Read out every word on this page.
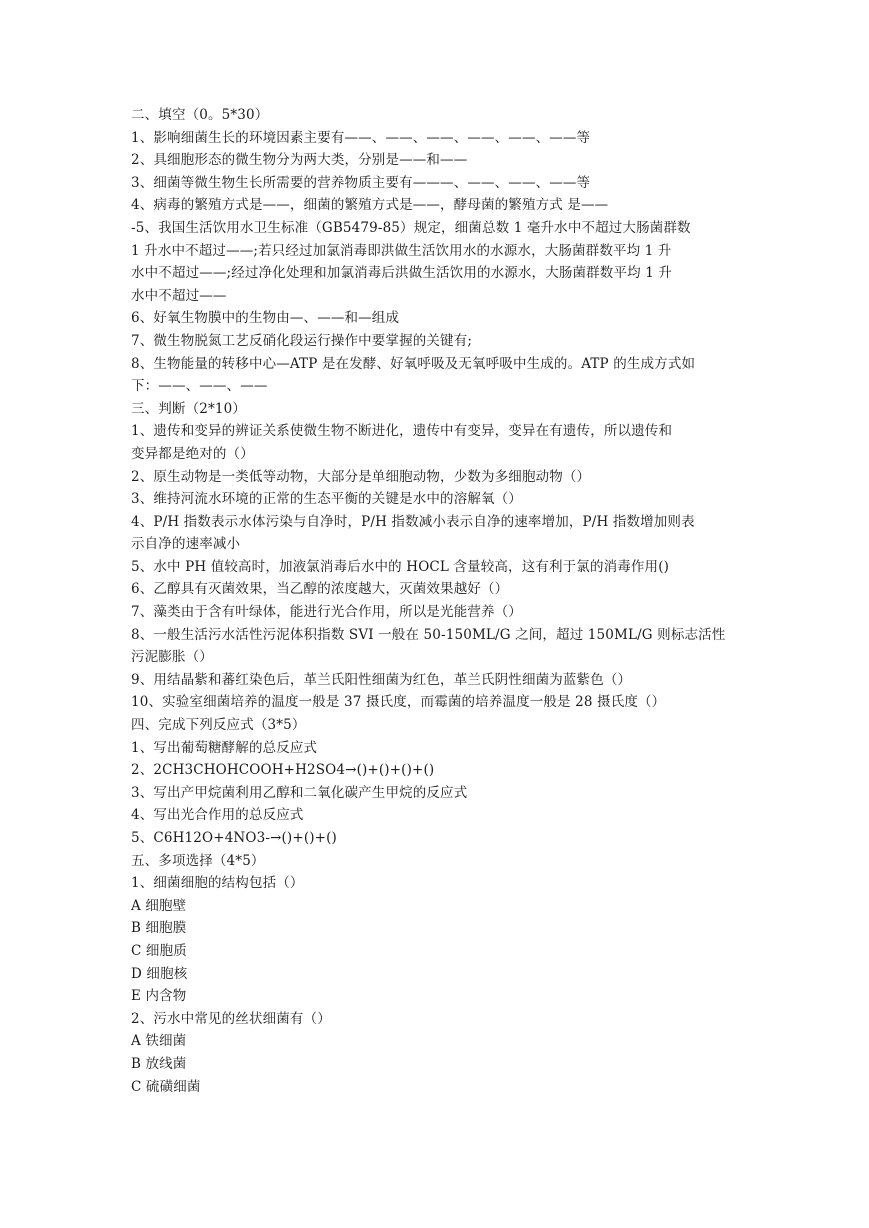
二、填空（0。5*30）
1、影响细菌生长的环境因素主要有——、——、——、——、——、——等
2、具细胞形态的微生物分为两大类，分别是——和——
3、细菌等微生物生长所需要的营养物质主要有———、——、——、——等
4、病毒的繁殖方式是——，细菌的繁殖方式是——，酵母菌的繁殖方式 是——
-5、我国生活饮用水卫生标准（GB5479-85）规定，细菌总数 1 毫升水中不超过大肠菌群数
1 升水中不超过——;若只经过加氯消毒即洪做生活饮用水的水源水，大肠菌群数平均 1 升
水中不超过——;经过净化处理和加氯消毒后洪做生活饮用的水源水，大肠菌群数平均 1 升
水中不超过——
6、好氧生物膜中的生物由—、——和—组成
7、微生物脱氮工艺反硝化段运行操作中要掌握的关键有;
8、生物能量的转移中心—ATP 是在发酵、好氧呼吸及无氧呼吸中生成的。ATP 的生成方式如
下：——、——、——
三、判断（2*10）
1、遗传和变异的辨证关系使微生物不断进化，遗传中有变异，变异在有遗传，所以遗传和
变异都是绝对的（）
2、原生动物是一类低等动物，大部分是单细胞动物，少数为多细胞动物（）
3、维持河流水环境的正常的生态平衡的关键是水中的溶解氧（）
4、P/H 指数表示水体污染与自净时，P/H 指数减小表示自净的速率增加，P/H 指数增加则表
示自净的速率减小
5、水中 PH 值较高时，加液氯消毒后水中的 HOCL 含量较高，这有利于氯的消毒作用()
6、乙醇具有灭菌效果，当乙醇的浓度越大，灭菌效果越好（）
7、藻类由于含有叶绿体，能进行光合作用，所以是光能营养（）
8、一般生活污水活性污泥体积指数 SVI 一般在 50-150ML/G 之间，超过 150ML/G 则标志活性
污泥膨胀（）
9、用结晶紫和蕃红染色后，革兰氏阳性细菌为红色，革兰氏阴性细菌为蓝紫色（）
10、实验室细菌培养的温度一般是 37 摄氏度，而霉菌的培养温度一般是 28 摄氏度（）
四、完成下列反应式（3*5）
1、写出葡萄糖酵解的总反应式
2、2CH3CHOHCOOH+H2SO4→()+()+()+()
3、写出产甲烷菌利用乙醇和二氧化碳产生甲烷的反应式
4、写出光合作用的总反应式
5、C6H12O+4NO3-→()+()+()
五、多项选择（4*5）
1、细菌细胞的结构包括（）
A 细胞壁
B 细胞膜
C 细胞质
D 细胞核
E 内含物
2、污水中常见的丝状细菌有（）
A 铁细菌
B 放线菌
C 硫磺细菌
